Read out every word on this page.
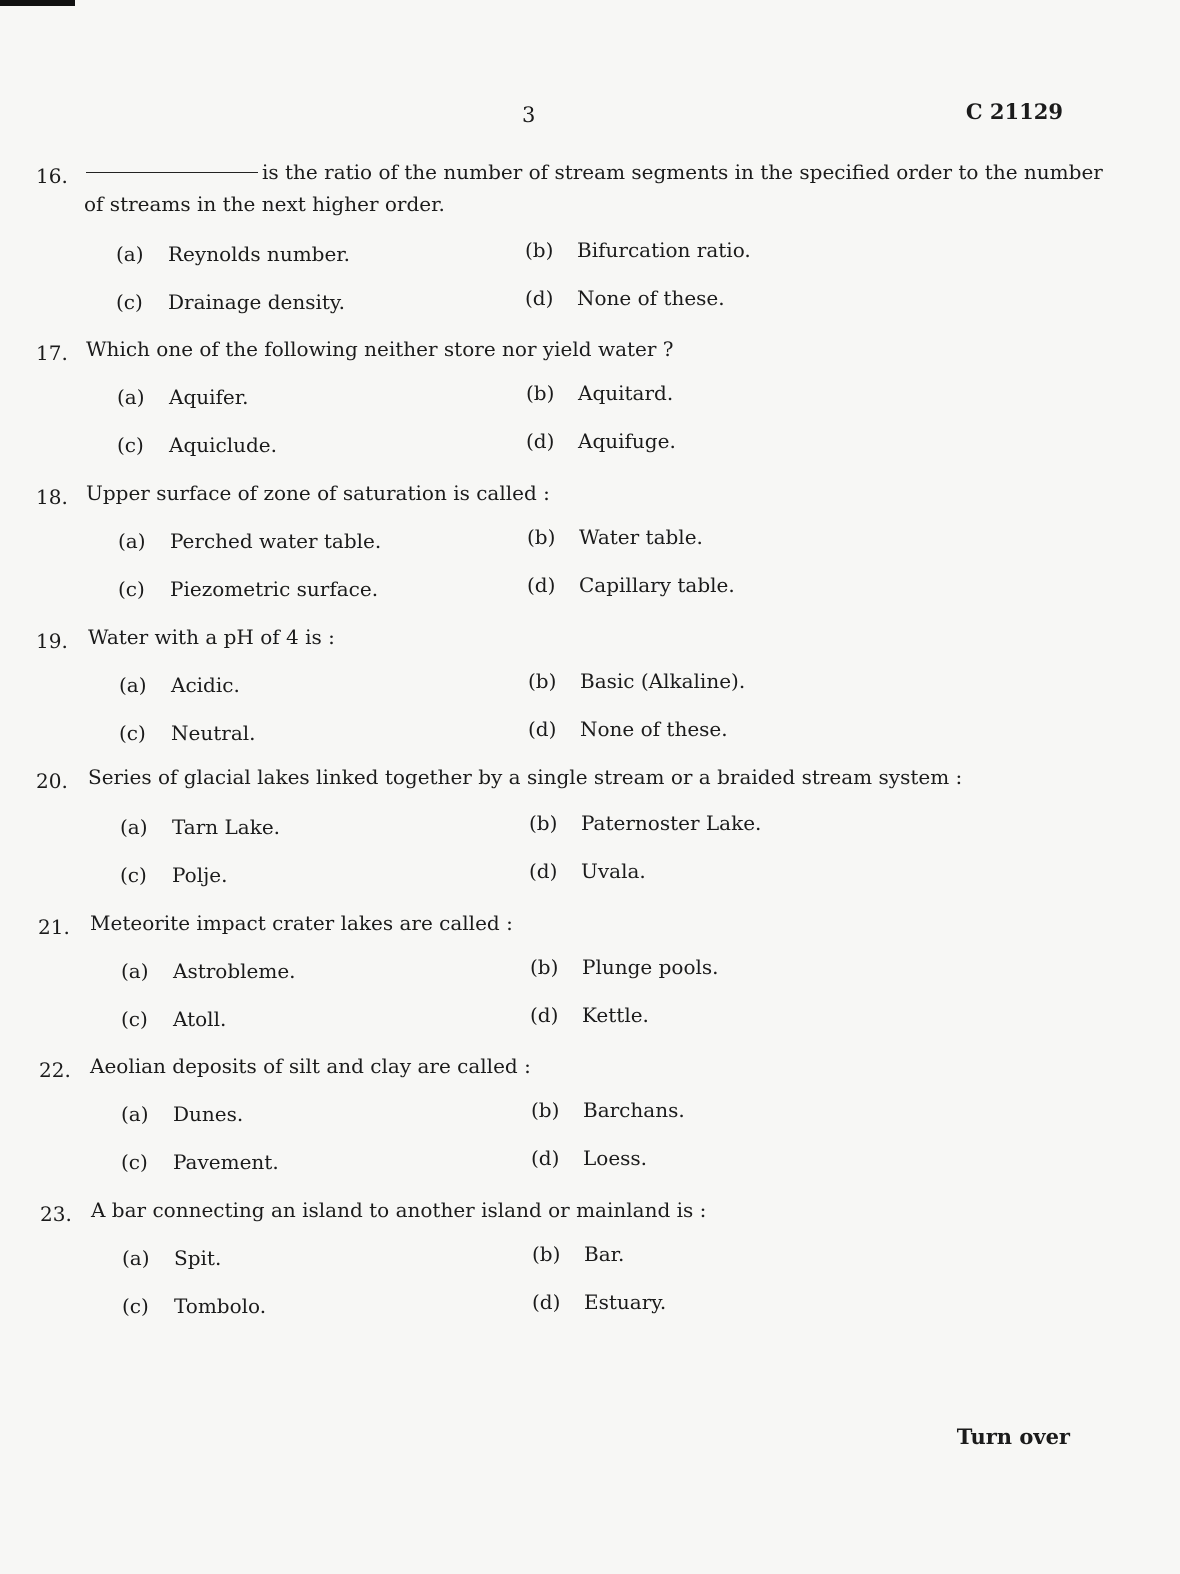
3	C 21129
16.	is the ratio of the number of stream segments in the specified order to the number
of streams in the next higher order.
(a) Reynolds number.	(b) Bifurcation ratio.
(c) Drainage density.	(d) None of these.
17. Which one of the following neither store nor yield water ?
(a) Aquifer.	(b) Aquitard.
(c) Aquiclude.	(d) Aquifuge.
18. Upper surface of zone of saturation is called :
(a) Perched water table.	(b) Water table.
(c) Piezometric surface.	(d) Capillary table.
19. Water with a pH of 4 is :
(a) Acidic.	(b) Basic (Alkaline).
(c) Neutral.	(d) None of these.
20. Series of glacial lakes linked together by a single stream or a braided stream system :
(a) Tarn Lake.	(b) Paternoster Lake.
(c) Polje.	(d) Uvala.
21. Meteorite impact crater lakes are called :
(a) Astrobleme.	(b) Plunge pools.
(c) Atoll.	(d) Kettle.
22. Aeolian deposits of silt and clay are called :
(a) Dunes.	(b) Barchans.
(c) Pavement.	(d) Loess.
23. A bar connecting an island to another island or mainland is :
(a) Spit.	(b) Bar.
(c) Tombolo.	(d) Estuary.
Turn over
